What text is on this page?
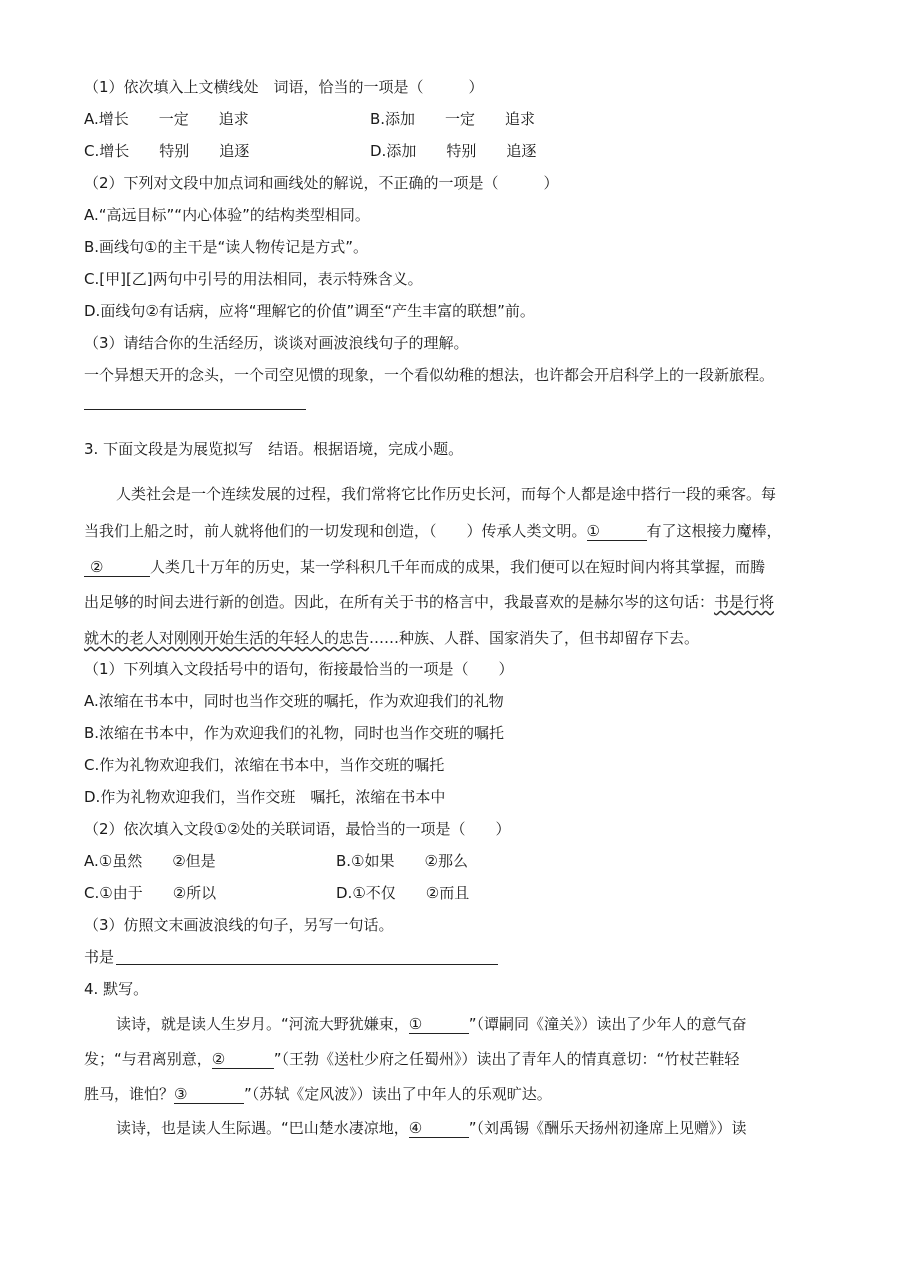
（1）依次填入上文横线处　词语，恰当的一项是（　　　）
A.增长　　一定　　追求	B.添加　　一定　　追求
C.增长　　特别　　追逐	D.添加　　特别　　追逐
（2）下列对文段中加点词和画线处的解说，不正确的一项是（　　　）
A.“高远目标”“内心体验”的结构类型相同。
B.画线句①的主干是“读人物传记是方式”。
C.[甲][乙]两句中引号的用法相同，表示特殊含义。
D.面线句②有话病，应将“理解它的价值”调至“产生丰富的联想”前。
（3）请结合你的生活经历，谈谈对画波浪线句子的理解。
一个异想天开的念头，一个司空见惯的现象，一个看似幼稚的想法，也许都会开启科学上的一段新旅程。
3. 下面文段是为展览拟写　结语。根据语境，完成小题。
人类社会是一个连续发展的过程，我们常将它比作历史长河，而每个人都是途中搭行一段的乘客。每
当我们上船之时，前人就将他们的一切发现和创造，（　　）传承人类文明。①	有了这根接力魔棒，
②	人类几十万年的历史，某一学科积几千年而成的成果，我们便可以在短时间内将其掌握，而腾
出足够的时间去进行新的创造。因此，在所有关于书的格言中，我最喜欢的是赫尔岑的这句话：书是行将
就木的老人对刚刚开始生活的年轻人的忠告……种族、人群、国家消失了，但书却留存下去。
（1）下列填入文段括号中的语句，衔接最恰当的一项是（　　）
A.浓缩在书本中，同时也当作交班的嘱托，作为欢迎我们的礼物
B.浓缩在书本中，作为欢迎我们的礼物，同时也当作交班的嘱托
C.作为礼物欢迎我们，浓缩在书本中，当作交班的嘱托
D.作为礼物欢迎我们，当作交班　嘱托，浓缩在书本中
（2）依次填入文段①②处的关联词语，最恰当的一项是（　　）
A.①虽然　　②但是	B.①如果　　②那么
C.①由于　　②所以	D.①不仅　　②而且
（3）仿照文末画波浪线的句子，另写一句话。
书是
4. 默写。
读诗，就是读人生岁月。“河流大野犹嫌束，①	”（谭嗣同《潼关》）读出了少年人的意气奋
发；“与君离别意，②	”（王勃《送杜少府之任蜀州》）读出了青年人的情真意切：“竹杖芒鞋轻
胜马，谁怕？③	”（苏轼《定风波》）读出了中年人的乐观旷达。
读诗，也是读人生际遇。“巴山楚水凄凉地，④	”（刘禹锡《酬乐天扬州初逢席上见赠》）读
